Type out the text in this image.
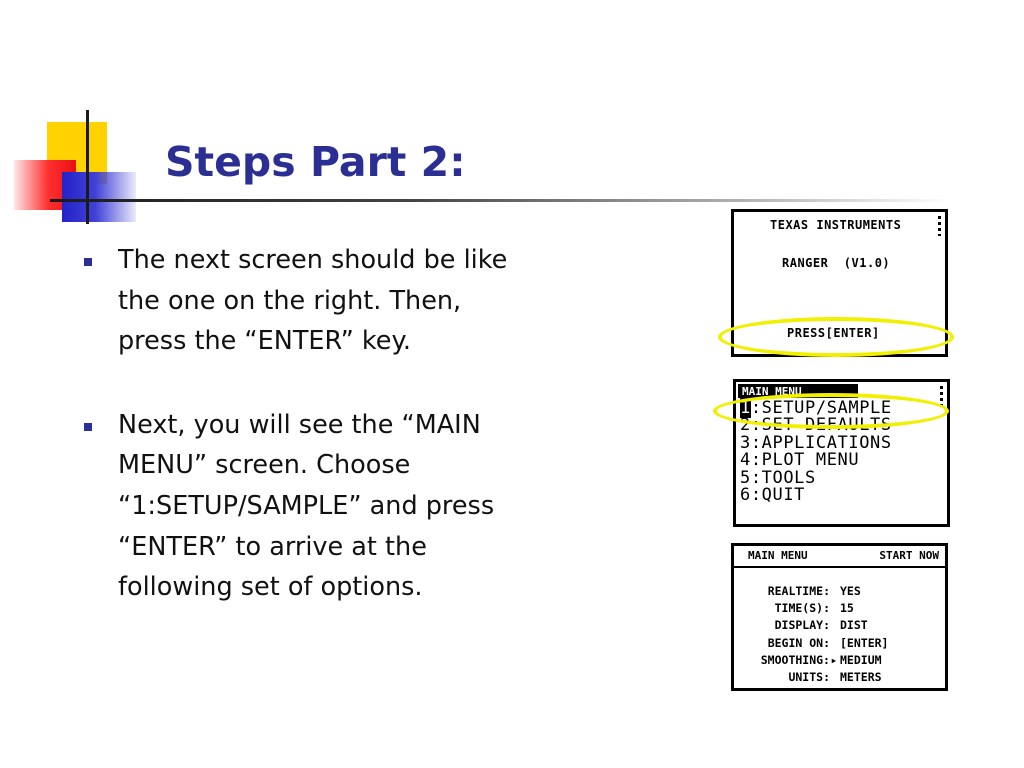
Steps Part 2:
The next screen should be like
the one on the right. Then,
press the “ENTER” key.
Next, you will see the “MAIN
MENU” screen. Choose
“1:SETUP/SAMPLE” and press
“ENTER” to arrive at the
following set of options.
TEXAS INSTRUMENTS
RANGER  (V1.0)
PRESS[ENTER]
MAIN MENU
1:SETUP/SAMPLE
2:SET DEFAULTS
3:APPLICATIONS
4:PLOT MENU
5:TOOLS
6:QUIT
MAIN MENU	START NOW
REALTIME: YES
TIME(S): 15
DISPLAY: DIST
BEGIN ON: [ENTER]
SMOOTHING: ▸ MEDIUM
UNITS: METERS
